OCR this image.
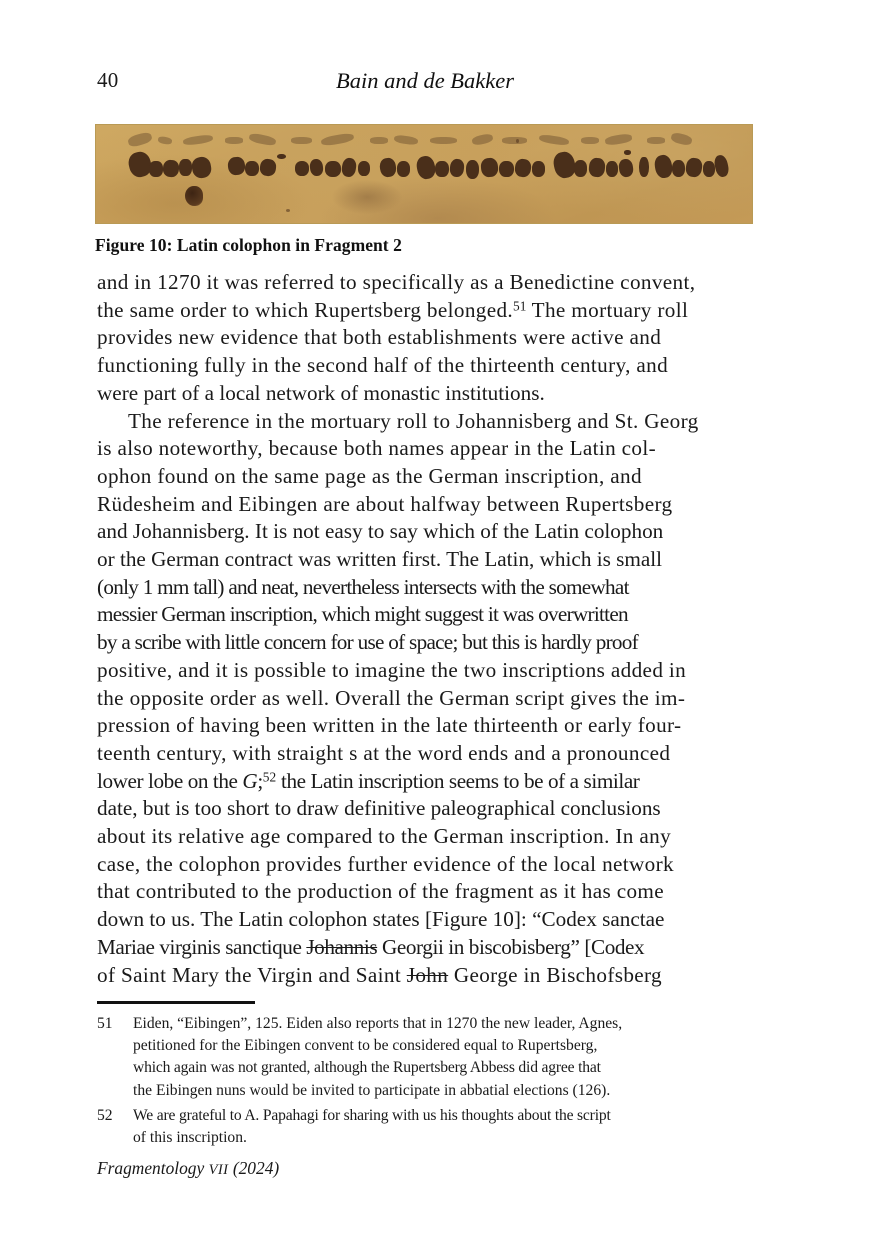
40	Bain and de Bakker
Figure 10: Latin colophon in Fragment 2

and in 1270 it was referred to specifically as a Benedictine convent,
the same order to which Rupertsberg belonged.$^{51}$ The mortuary roll
provides new evidence that both establishments were active and
functioning fully in the second half of the thirteenth century, and
were part of a local network of monastic institutions.

The reference in the mortuary roll to Johannisberg and St. Georg
is also noteworthy, because both names appear in the Latin col-
ophon found on the same page as the German inscription, and
Rüdesheim and Eibingen are about halfway between Rupertsberg
and Johannisberg. It is not easy to say which of the Latin colophon
or the German contract was written first. The Latin, which is small
(only 1 mm tall) and neat, nevertheless intersects with the somewhat
messier German inscription, which might suggest it was overwritten
by a scribe with little concern for use of space; but this is hardly proof
positive, and it is possible to imagine the two inscriptions added in
the opposite order as well. Overall the German script gives the im-
pression of having been written in the late thirteenth or early four-
teenth century, with straight s at the word ends and a pronounced
lower lobe on the G;$^{52}$ the Latin inscription seems to be of a similar
date, but is too short to draw definitive paleographical conclusions
about its relative age compared to the German inscription. In any
case, the colophon provides further evidence of the local network
that contributed to the production of the fragment as it has come
down to us. The Latin colophon states [Figure 10]: “Codex sanctae
Mariae virginis sanctique Johannis Georgii in biscobisberg” [Codex
of Saint Mary the Virgin and Saint John George in Bischofsberg

51 Eiden, “Eibingen”, 125. Eiden also reports that in 1270 the new leader, Agnes,
petitioned for the Eibingen convent to be considered equal to Rupertsberg,
which again was not granted, although the Rupertsberg Abbess did agree that
the Eibingen nuns would be invited to participate in abbatial elections (126).
52 We are grateful to A. Papahagi for sharing with us his thoughts about the script
of this inscription.
Fragmentology VII (2024)
